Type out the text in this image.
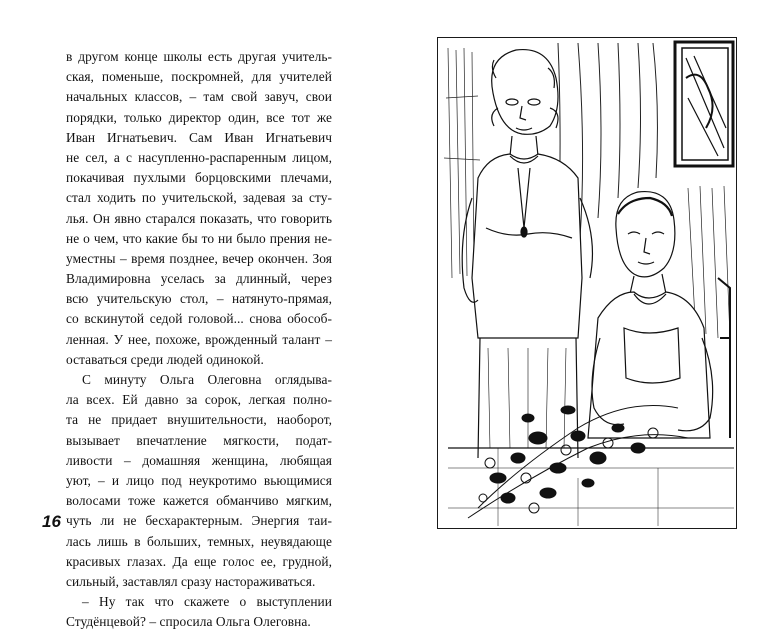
в другом конце школы есть другая учитель-
ская, поменьше, поскромней, для учителей
начальных классов, – там свой завуч, свои
порядки, только директор один, все тот же
Иван Игнатьевич. Сам Иван Игнатьевич
не сел, а с насупленно-распаренным лицом,
покачивая пухлыми борцовскими плечами,
стал ходить по учительской, задевая за сту-
лья. Он явно старался показать, что говорить
не о чем, что какие бы то ни было прения не-
уместны – время позднее, вечер окончен. Зоя
Владимировна уселась за длинный, через
всю учительскую стол, – натянуто-прямая,
со вскинутой седой головой... снова обособ-
ленная. У нее, похоже, врожденный талант –
оставаться среди людей одинокой.
С минуту Ольга Олеговна оглядыва-
ла всех. Ей давно за сорок, легкая полно-
та не придает внушительности, наоборот,
вызывает впечатление мягкости, подат-
ливости – домашняя женщина, любящая
уют, – и лицо под неукротимо вьющимися
волосами тоже кажется обманчиво мягким,
чуть ли не бесхарактерным. Энергия таи-
лась лишь в больших, темных, неувядающе
красивых глазах. Да еще голос ее, грудной,
сильный, заставлял сразу настораживаться.
– Ну так что скажете о выступлении
Студёнцевой? – спросила Ольга Олеговна.
16
